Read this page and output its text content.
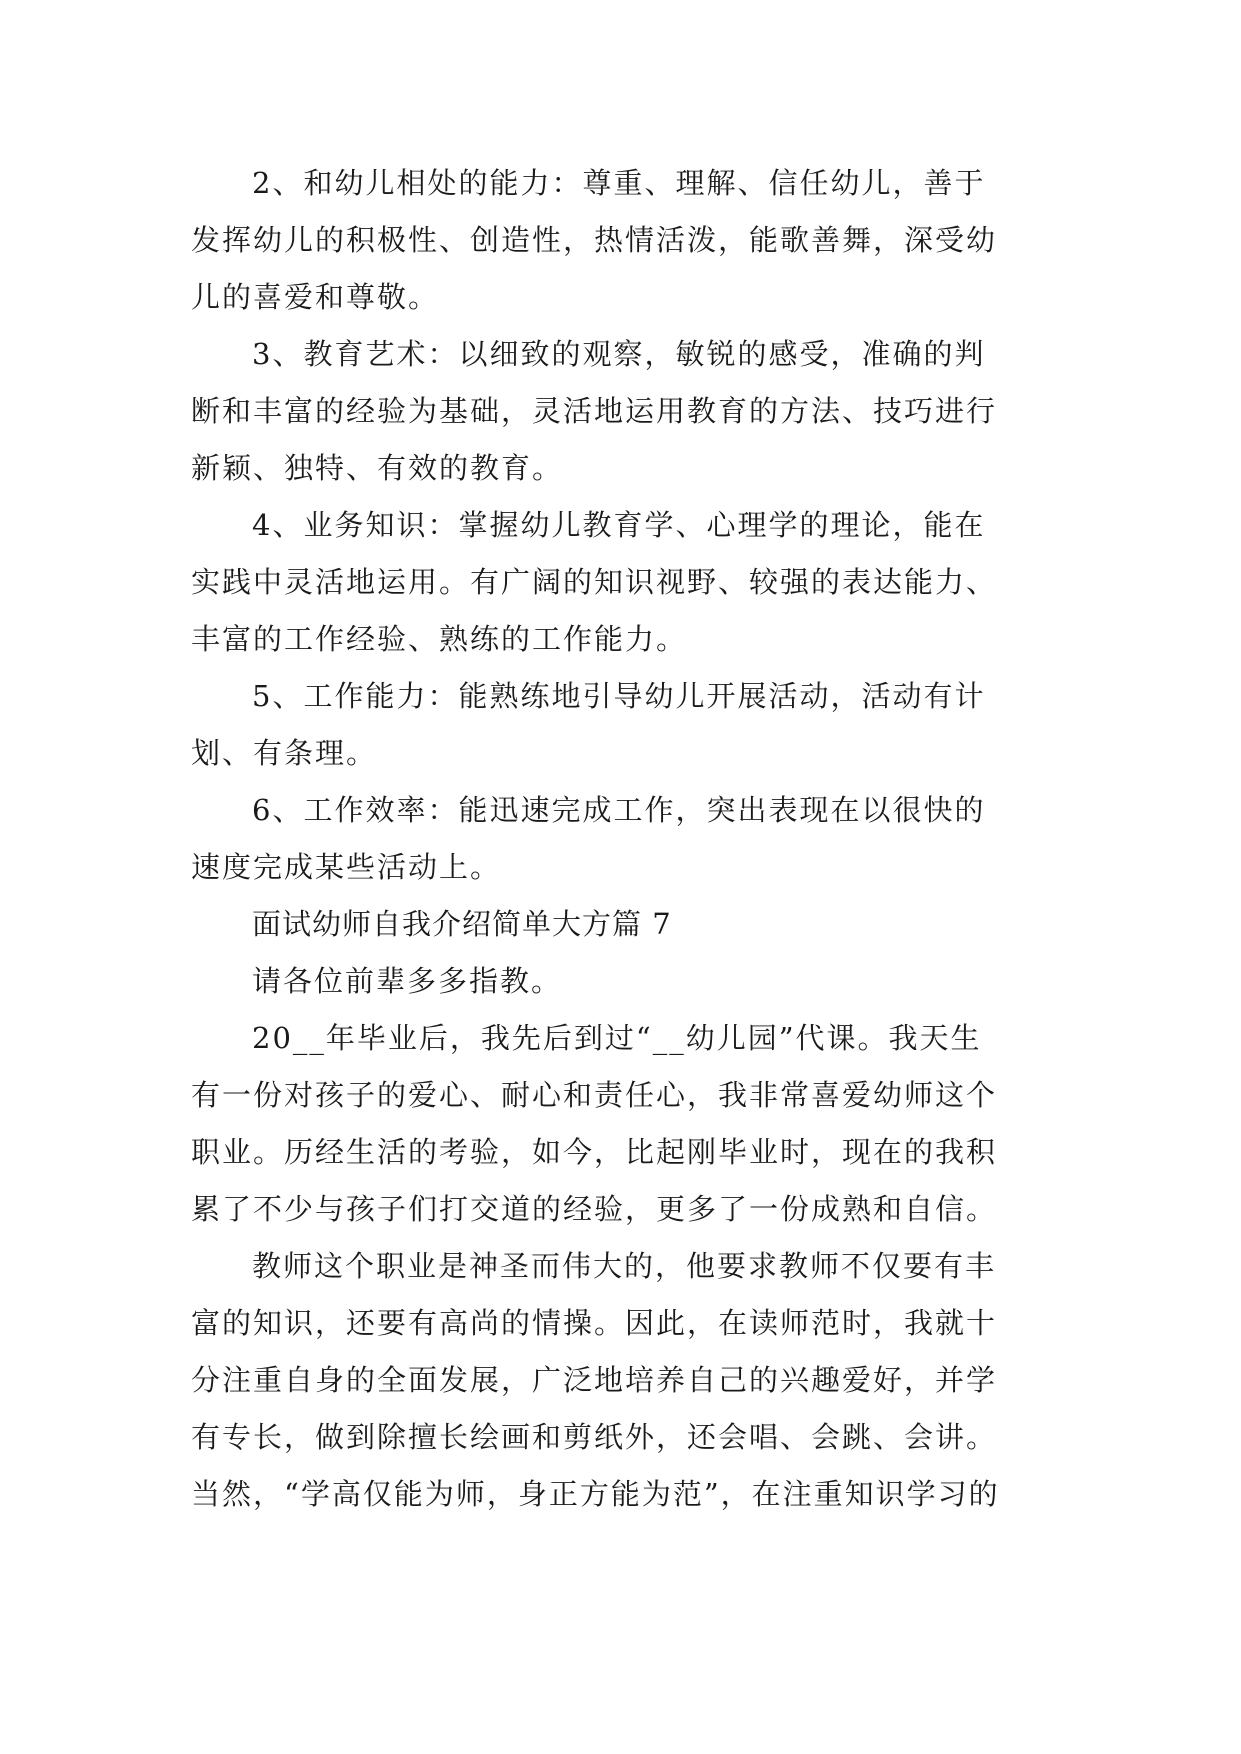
2、和幼儿相处的能力：尊重、理解、信任幼儿，善于
发挥幼儿的积极性、创造性，热情活泼，能歌善舞，深受幼
儿的喜爱和尊敬。
3、教育艺术：以细致的观察，敏锐的感受，准确的判
断和丰富的经验为基础，灵活地运用教育的方法、技巧进行
新颖、独特、有效的教育。
4、业务知识：掌握幼儿教育学、心理学的理论，能在
实践中灵活地运用。有广阔的知识视野、较强的表达能力、
丰富的工作经验、熟练的工作能力。
5、工作能力：能熟练地引导幼儿开展活动，活动有计
划、有条理。
6、工作效率：能迅速完成工作，突出表现在以很快的
速度完成某些活动上。
面试幼师自我介绍简单大方篇 7
请各位前辈多多指教。
20__年毕业后，我先后到过“__幼儿园”代课。我天生
有一份对孩子的爱心、耐心和责任心，我非常喜爱幼师这个
职业。历经生活的考验，如今，比起刚毕业时，现在的我积
累了不少与孩子们打交道的经验，更多了一份成熟和自信。
教师这个职业是神圣而伟大的，他要求教师不仅要有丰
富的知识，还要有高尚的情操。因此，在读师范时，我就十
分注重自身的全面发展，广泛地培养自己的兴趣爱好，并学
有专长，做到除擅长绘画和剪纸外，还会唱、会跳、会讲。
当然，“学高仅能为师，身正方能为范”，在注重知识学习的
